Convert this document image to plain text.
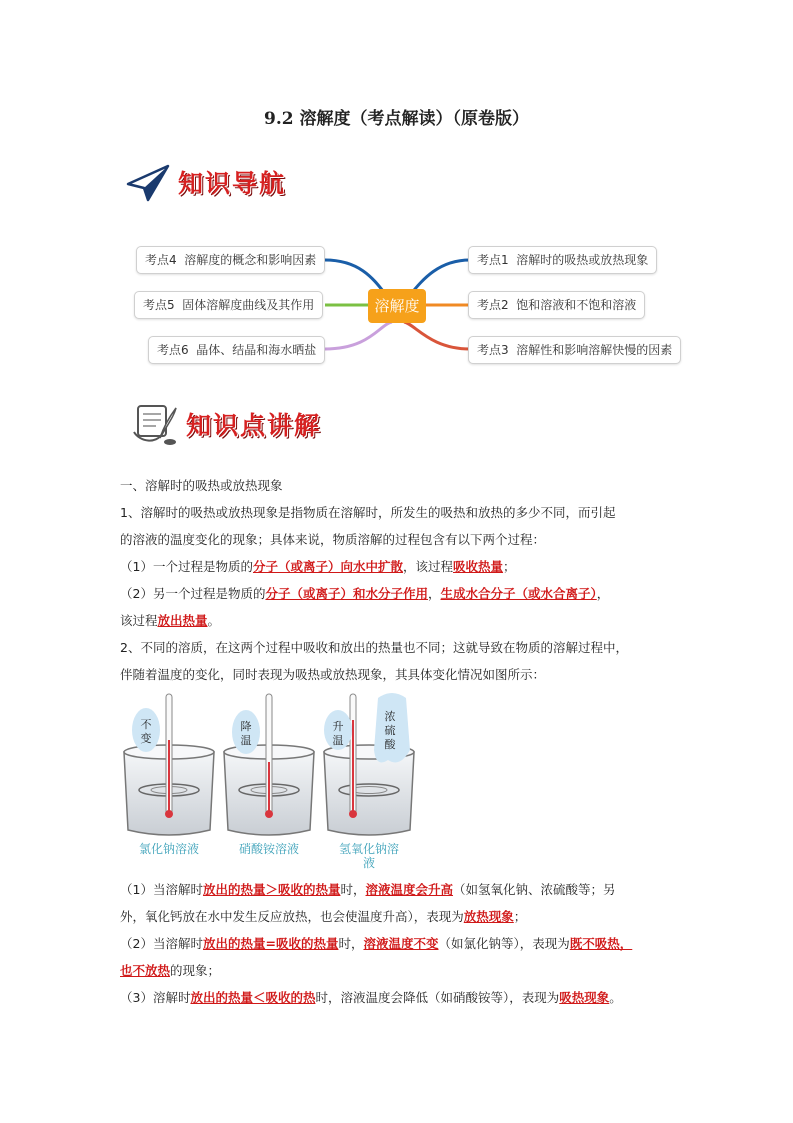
9.2 溶解度（考点解读）（原卷版）
知识导航
考点4 溶解度的概念和影响因素
考点5 固体溶解度曲线及其作用
考点6 晶体、结晶和海水晒盐
溶解度
考点1 溶解时的吸热或放热现象
考点2 饱和溶液和不饱和溶液
考点3 溶解性和影响溶解快慢的因素
知识点讲解
一、溶解时的吸热或放热现象
1、溶解时的吸热或放热现象是指物质在溶解时，所发生的吸热和放热的多少不同，而引起
的溶液的温度变化的现象；具体来说，物质溶解的过程包含有以下两个过程：
（1）一个过程是物质的分子（或离子）向水中扩散，该过程吸收热量；
（2）另一个过程是物质的分子（或离子）和水分子作用，生成水合分子（或水合离子），
该过程放出热量。
2、不同的溶质，在这两个过程中吸收和放出的热量也不同；这就导致在物质的溶解过程中，
伴随着温度的变化，同时表现为吸热或放热现象，其具体变化情况如图所示：
不变
降温
升温
浓硫酸
氯化钠溶液	硝酸铵溶液	氢氧化钠溶液
（1）当溶解时放出的热量＞吸收的热量时，溶液温度会升高（如氢氧化钠、浓硫酸等；另
外，氧化钙放在水中发生反应放热，也会使温度升高），表现为放热现象；
（2）当溶解时放出的热量=吸收的热量时，溶液温度不变（如氯化钠等），表现为既不吸热，
也不放热的现象；
（3）溶解时放出的热量＜吸收的热时，溶液温度会降低（如硝酸铵等），表现为吸热现象。
